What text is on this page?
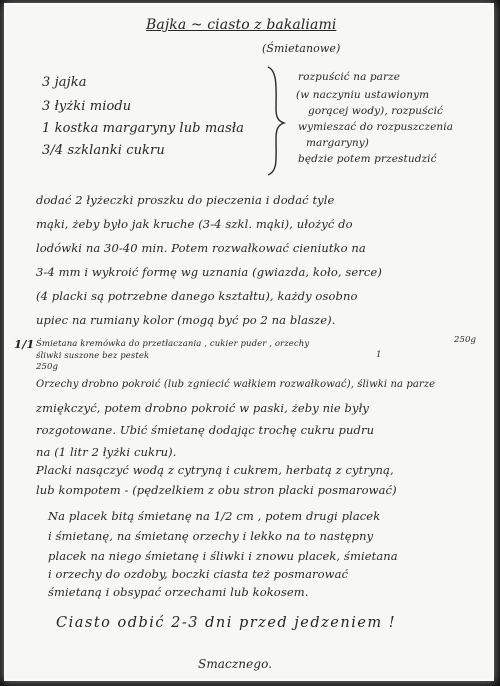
Bajka ~ ciasto z bakaliami
(Śmietanowe)
3 jajka
3 łyżki miodu
1 kostka margaryny lub masła
3/4 szklanki cukru
rozpuścić na parze
(w naczyniu ustawionym
gorącej wody), rozpuścić
wymieszać do rozpuszczenia
margaryny)
będzie potem przestudzić
dodać 2 łyżeczki proszku do pieczenia i dodać tyle
mąki, żeby było jak kruche (3-4 szkl. mąki), ułożyć do
lodówki na 30-40 min. Potem rozwałkować cieniutko na
3-4 mm i wykroić formę wg uznania (gwiazda, koło, serce)
(4 placki są potrzebne danego kształtu), każdy osobno
upiec na rumiany kolor (mogą być po 2 na blasze).
1/1 Śmietana kremówka do przetłaczania , cukier puder , orzechy
śliwki suszone bez pestek	1
250g
250g
Orzechy drobno pokroić (lub zgniecić wałkiem rozwałkować), śliwki na parze
zmiękczyć, potem drobno pokroić w paski, żeby nie były
rozgotowane. Ubić śmietanę dodając trochę cukru pudru
na (1 litr 2 łyżki cukru).
Placki nasączyć wodą z cytryną i cukrem, herbatą z cytryną,
lub kompotem - (pędzelkiem z obu stron placki posmarować)
Na placek bitą śmietanę na 1/2 cm , potem drugi placek
i śmietanę, na śmietanę orzechy i lekko na to następny
placek na niego śmietanę i śliwki i znowu placek, śmietana
i orzechy do ozdoby, boczki ciasta też posmarować
śmietaną i obsypać orzechami lub kokosem.
Ciasto odbić 2-3 dni przed jedzeniem !
Smacznego.
